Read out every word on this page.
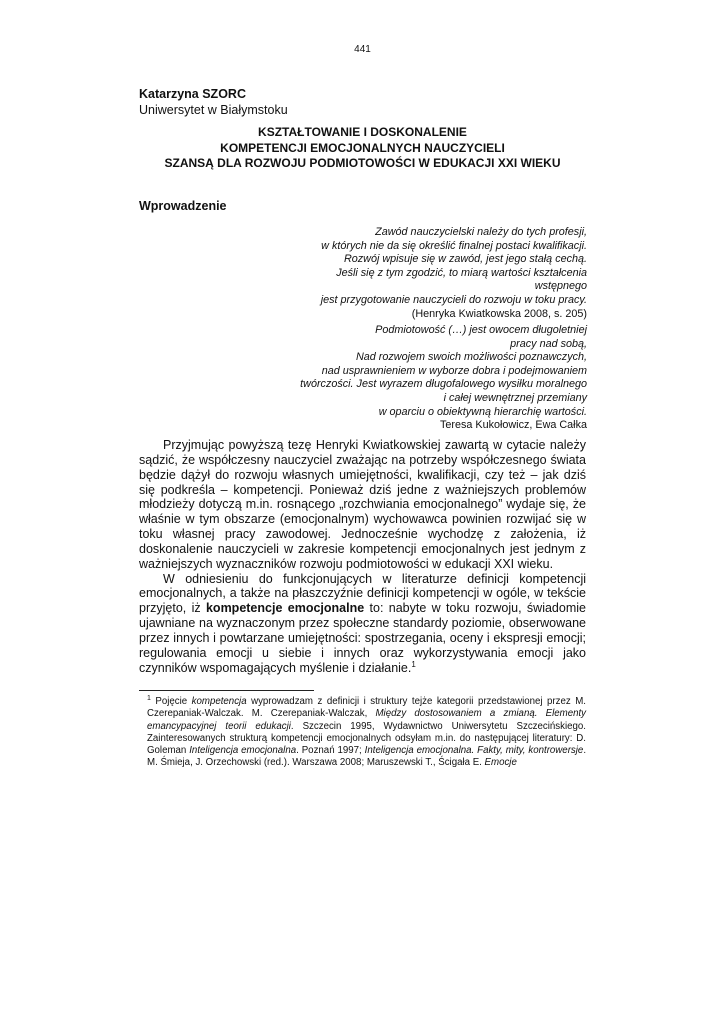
441
Katarzyna SZORC
Uniwersytet w Białymstoku
KSZTAŁTOWANIE I DOSKONALENIE
KOMPETENCJI EMOCJONALNYCH NAUCZYCIELI
SZANSĄ DLA ROZWOJU PODMIOTOWOŚCI W EDUKACJI XXI WIEKU
Wprowadzenie
Zawód nauczycielski należy do tych profesji,
w których nie da się określić finalnej postaci kwalifikacji.
Rozwój wpisuje się w zawód, jest jego stałą cechą.
Jeśli się z tym zgodzić, to miarą wartości kształcenia
wstępnego
jest przygotowanie nauczycieli do rozwoju w toku pracy.
(Henryka Kwiatkowska 2008, s. 205)
Podmiotowość (…) jest owocem długoletniej
pracy nad sobą,
Nad rozwojem swoich możliwości poznawczych,
nad usprawnieniem w wyborze dobra i podejmowaniem
twórczości. Jest wyrazem długofalowego wysiłku moralnego
i całej wewnętrznej przemiany
w oparciu o obiektywną hierarchię wartości.
Teresa Kukołowicz, Ewa Całka

Przyjmując powyższą tezę Henryki Kwiatkowskiej zawartą w cytacie należy sądzić, że współczesny nauczyciel zważając na potrzeby współczesnego świata będzie dążył do rozwoju własnych umiejętności, kwalifikacji, czy też – jak dziś się podkreśla – kompetencji. Ponieważ dziś jedne z ważniejszych problemów młodzieży dotyczą m.in. rosnącego „rozchwiania emocjonalnego” wydaje się, że właśnie w tym obszarze (emocjonalnym) wychowawca powinien rozwijać się w toku własnej pracy zawodowej. Jednocześnie wychodzę z założenia, iż doskonalenie nauczycieli w zakresie kompetencji emocjonalnych jest jednym z ważniejszych wyznaczników rozwoju podmiotowości w edukacji XXI wieku.

W odniesieniu do funkcjonujących w literaturze definicji kompetencji emocjonalnych, a także na płaszczyźnie definicji kompetencji w ogóle, w tekście przyjęto, iż kompetencje emocjonalne to: nabyte w toku rozwoju, świadomie ujawniane na wyznaczonym przez społeczne standardy poziomie, obserwowane przez innych i powtarzane umiejętności: spostrzegania, oceny i ekspresji emocji; regulowania emocji u siebie i innych oraz wykorzystywania emocji jako czynników wspomagających myślenie i działanie.$^1$

$^1$ Pojęcie kompetencja wyprowadzam z definicji i struktury tejże kategorii przedstawionej przez M. Czerepaniak-Walczak. M. Czerepaniak-Walczak, Między dostosowaniem a zmianą. Elementy emancypacyjnej teorii edukacji. Szczecin 1995, Wydawnictwo Uniwersytetu Szczecińskiego. Zainteresowanych strukturą kompetencji emocjonalnych odsyłam m.in. do następującej literatury: D. Goleman Inteligencja emocjonalna. Poznań 1997; Inteligencja emocjonalna. Fakty, mity, kontrowersje. M. Śmieja, J. Orzechowski (red.). Warszawa 2008; Maruszewski T., Ścigała E. Emocje
